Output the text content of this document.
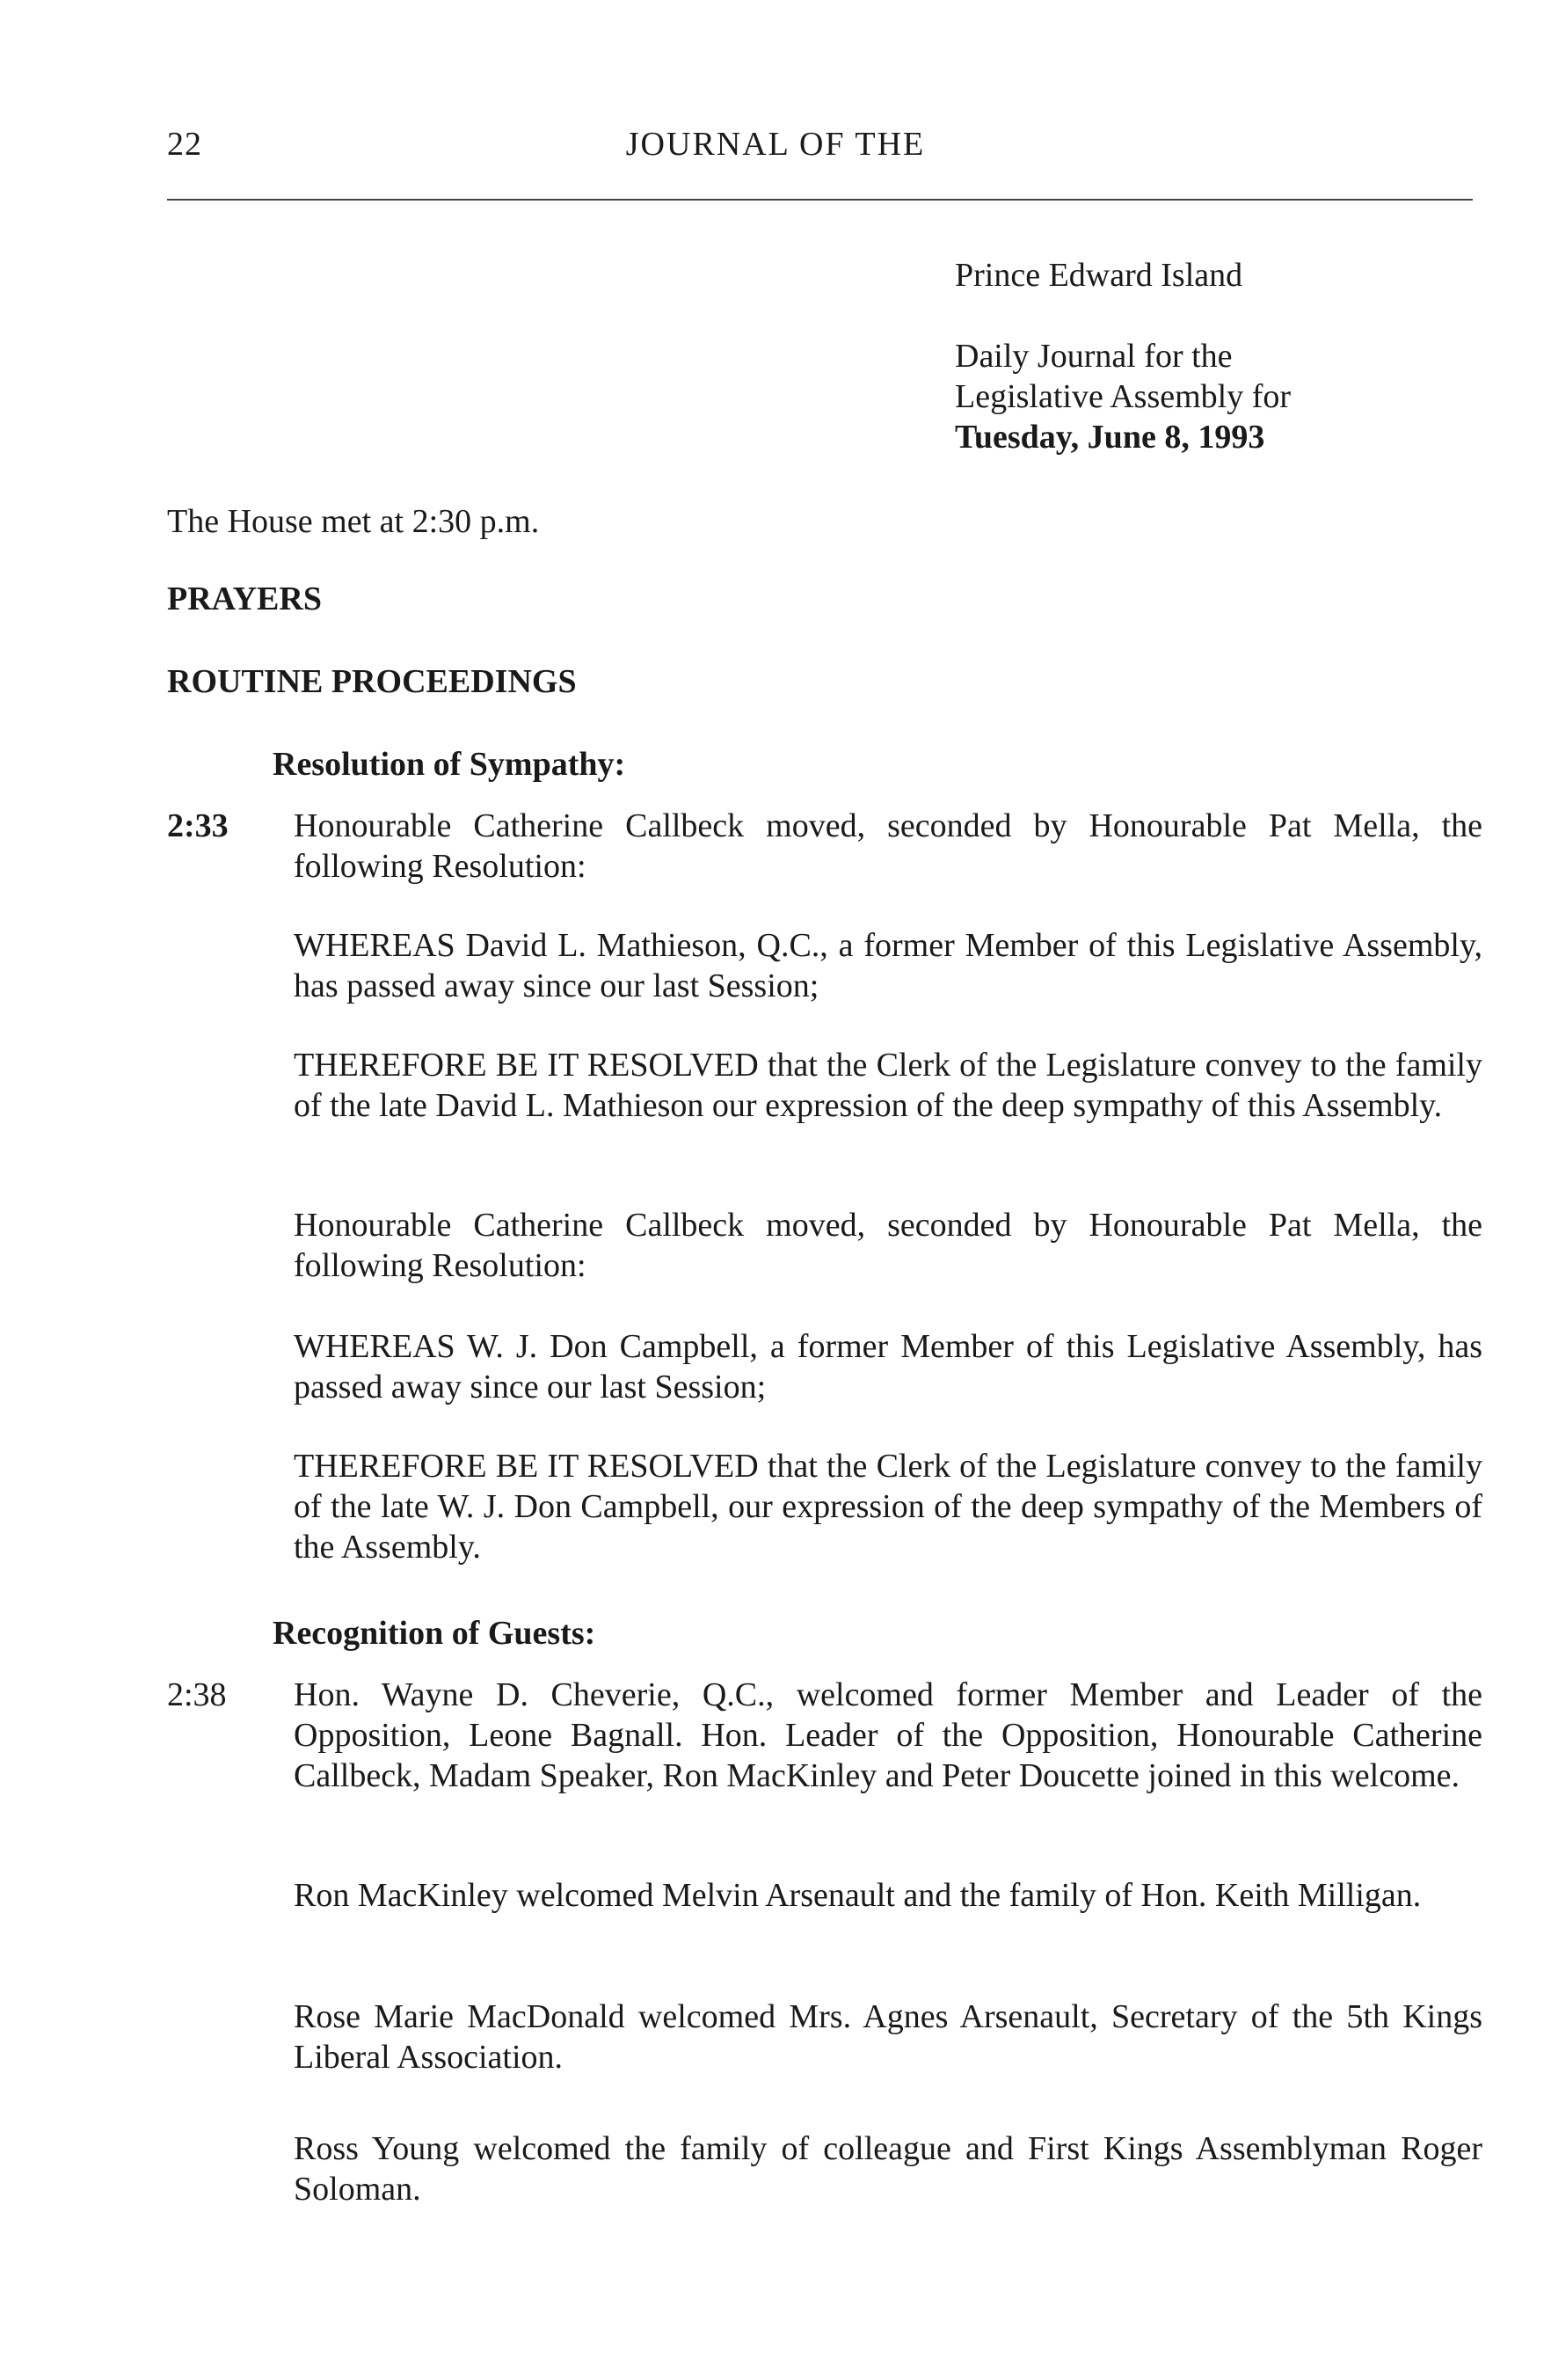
22	JOURNAL OF THE
Prince Edward Island
Daily Journal for the
Legislative Assembly for
Tuesday, June 8, 1993
The House met at 2:30 p.m.
PRAYERS
ROUTINE PROCEEDINGS
Resolution of Sympathy:
2:33 Honourable Catherine Callbeck moved, seconded by Honourable Pat Mella, the following Resolution:
WHEREAS David L. Mathieson, Q.C., a former Member of this Legislative Assembly, has passed away since our last Session;
THEREFORE BE IT RESOLVED that the Clerk of the Legislature convey to the family of the late David L. Mathieson our expression of the deep sympathy of this Assembly.
Honourable Catherine Callbeck moved, seconded by Honourable Pat Mella, the following Resolution:
WHEREAS W. J. Don Campbell, a former Member of this Legislative Assembly, has passed away since our last Session;
THEREFORE BE IT RESOLVED that the Clerk of the Legislature convey to the family of the late W. J. Don Campbell, our expression of the deep sympathy of the Members of the Assembly.
Recognition of Guests:
2:38 Hon. Wayne D. Cheverie, Q.C., welcomed former Member and Leader of the Opposition, Leone Bagnall. Hon. Leader of the Opposition, Honourable Catherine Callbeck, Madam Speaker, Ron MacKinley and Peter Doucette joined in this welcome.
Ron MacKinley welcomed Melvin Arsenault and the family of Hon. Keith Milligan.
Rose Marie MacDonald welcomed Mrs. Agnes Arsenault, Secretary of the 5th Kings Liberal Association.
Ross Young welcomed the family of colleague and First Kings Assemblyman Roger Soloman.
